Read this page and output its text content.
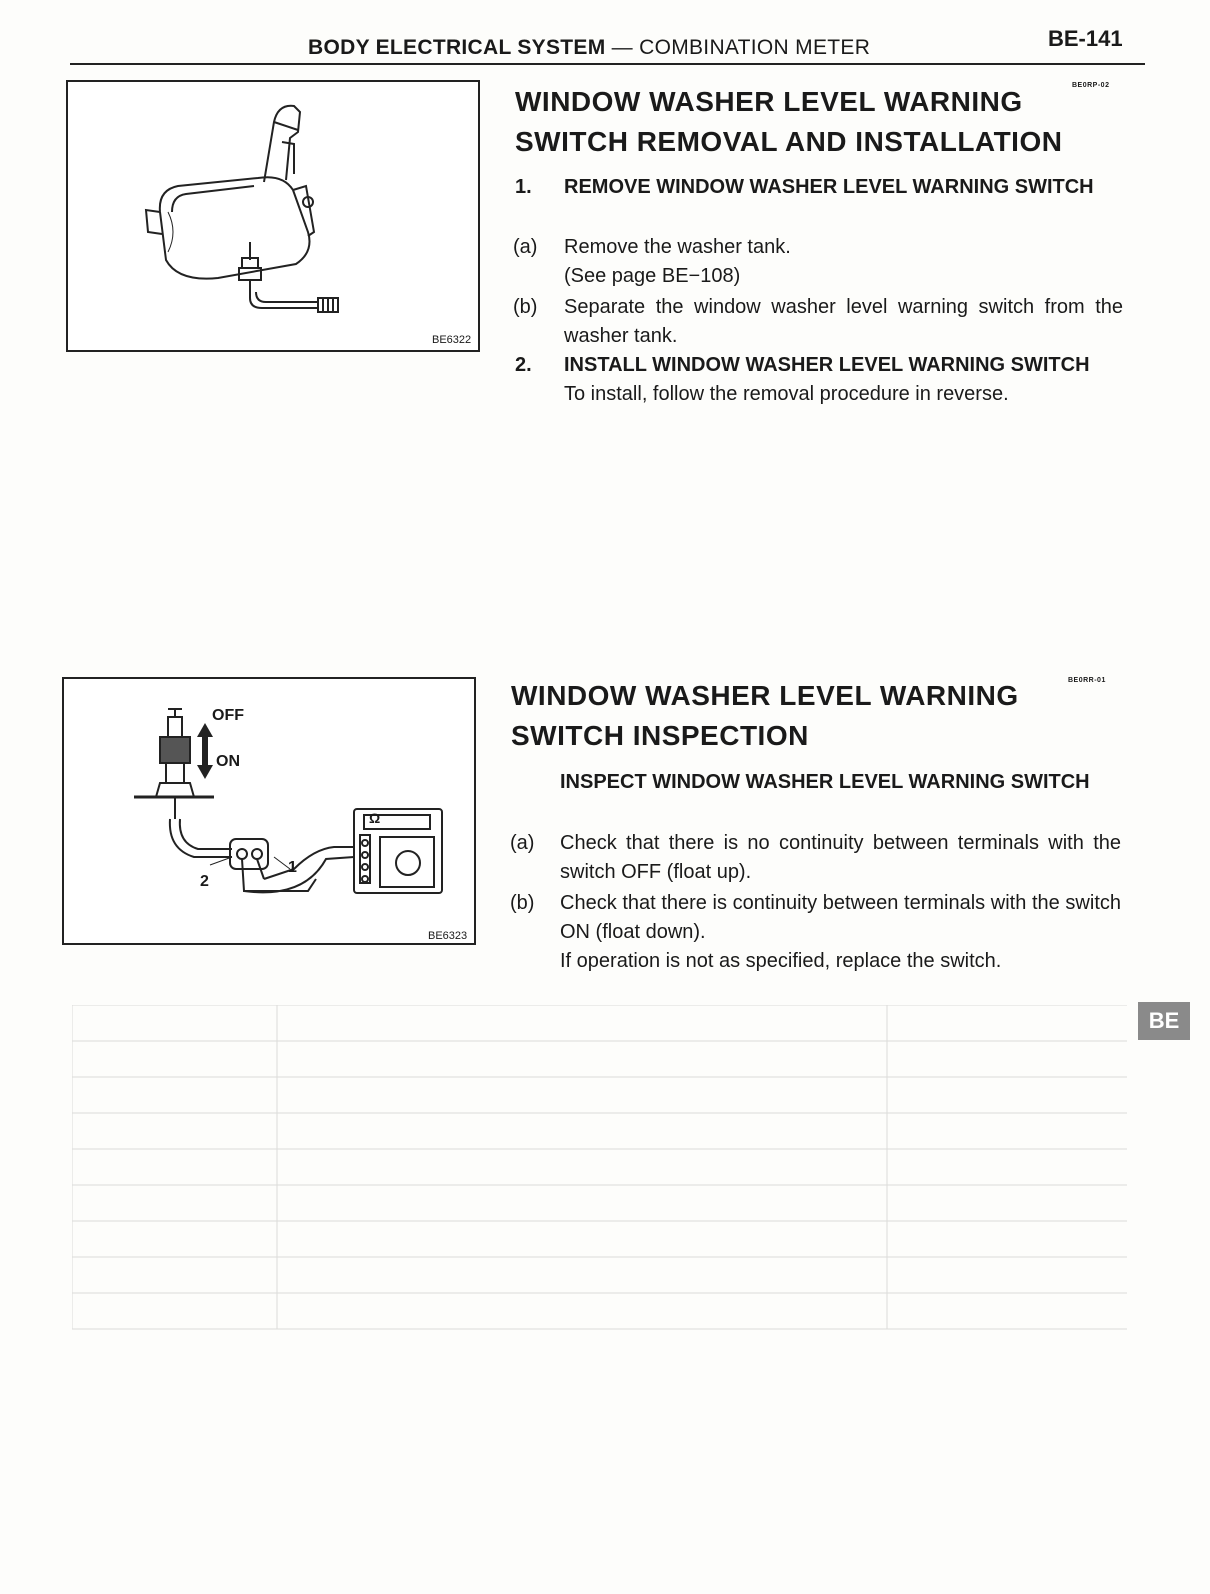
BODY ELECTRICAL SYSTEM — COMBINATION METER	BE-141
BE6322
WINDOW WASHER LEVEL WARNING
SWITCH REMOVAL AND INSTALLATION
BE0RP-02
1. REMOVE WINDOW WASHER LEVEL WARNING SWITCH
(a) Remove the washer tank.
(See page BE−108)
(b) Separate the window washer level warning switch from the washer tank.
2. INSTALL WINDOW WASHER LEVEL WARNING SWITCH
To install, follow the removal procedure in reverse.
OFF
ON
2
1
Ω
BE6323
WINDOW WASHER LEVEL WARNING
SWITCH INSPECTION
BE0RR-01
INSPECT WINDOW WASHER LEVEL WARNING SWITCH
(a) Check that there is no continuity between terminals with the switch OFF (float up).
(b) Check that there is continuity between terminals with the switch ON (float down).
If operation is not as specified, replace the switch.
BE
